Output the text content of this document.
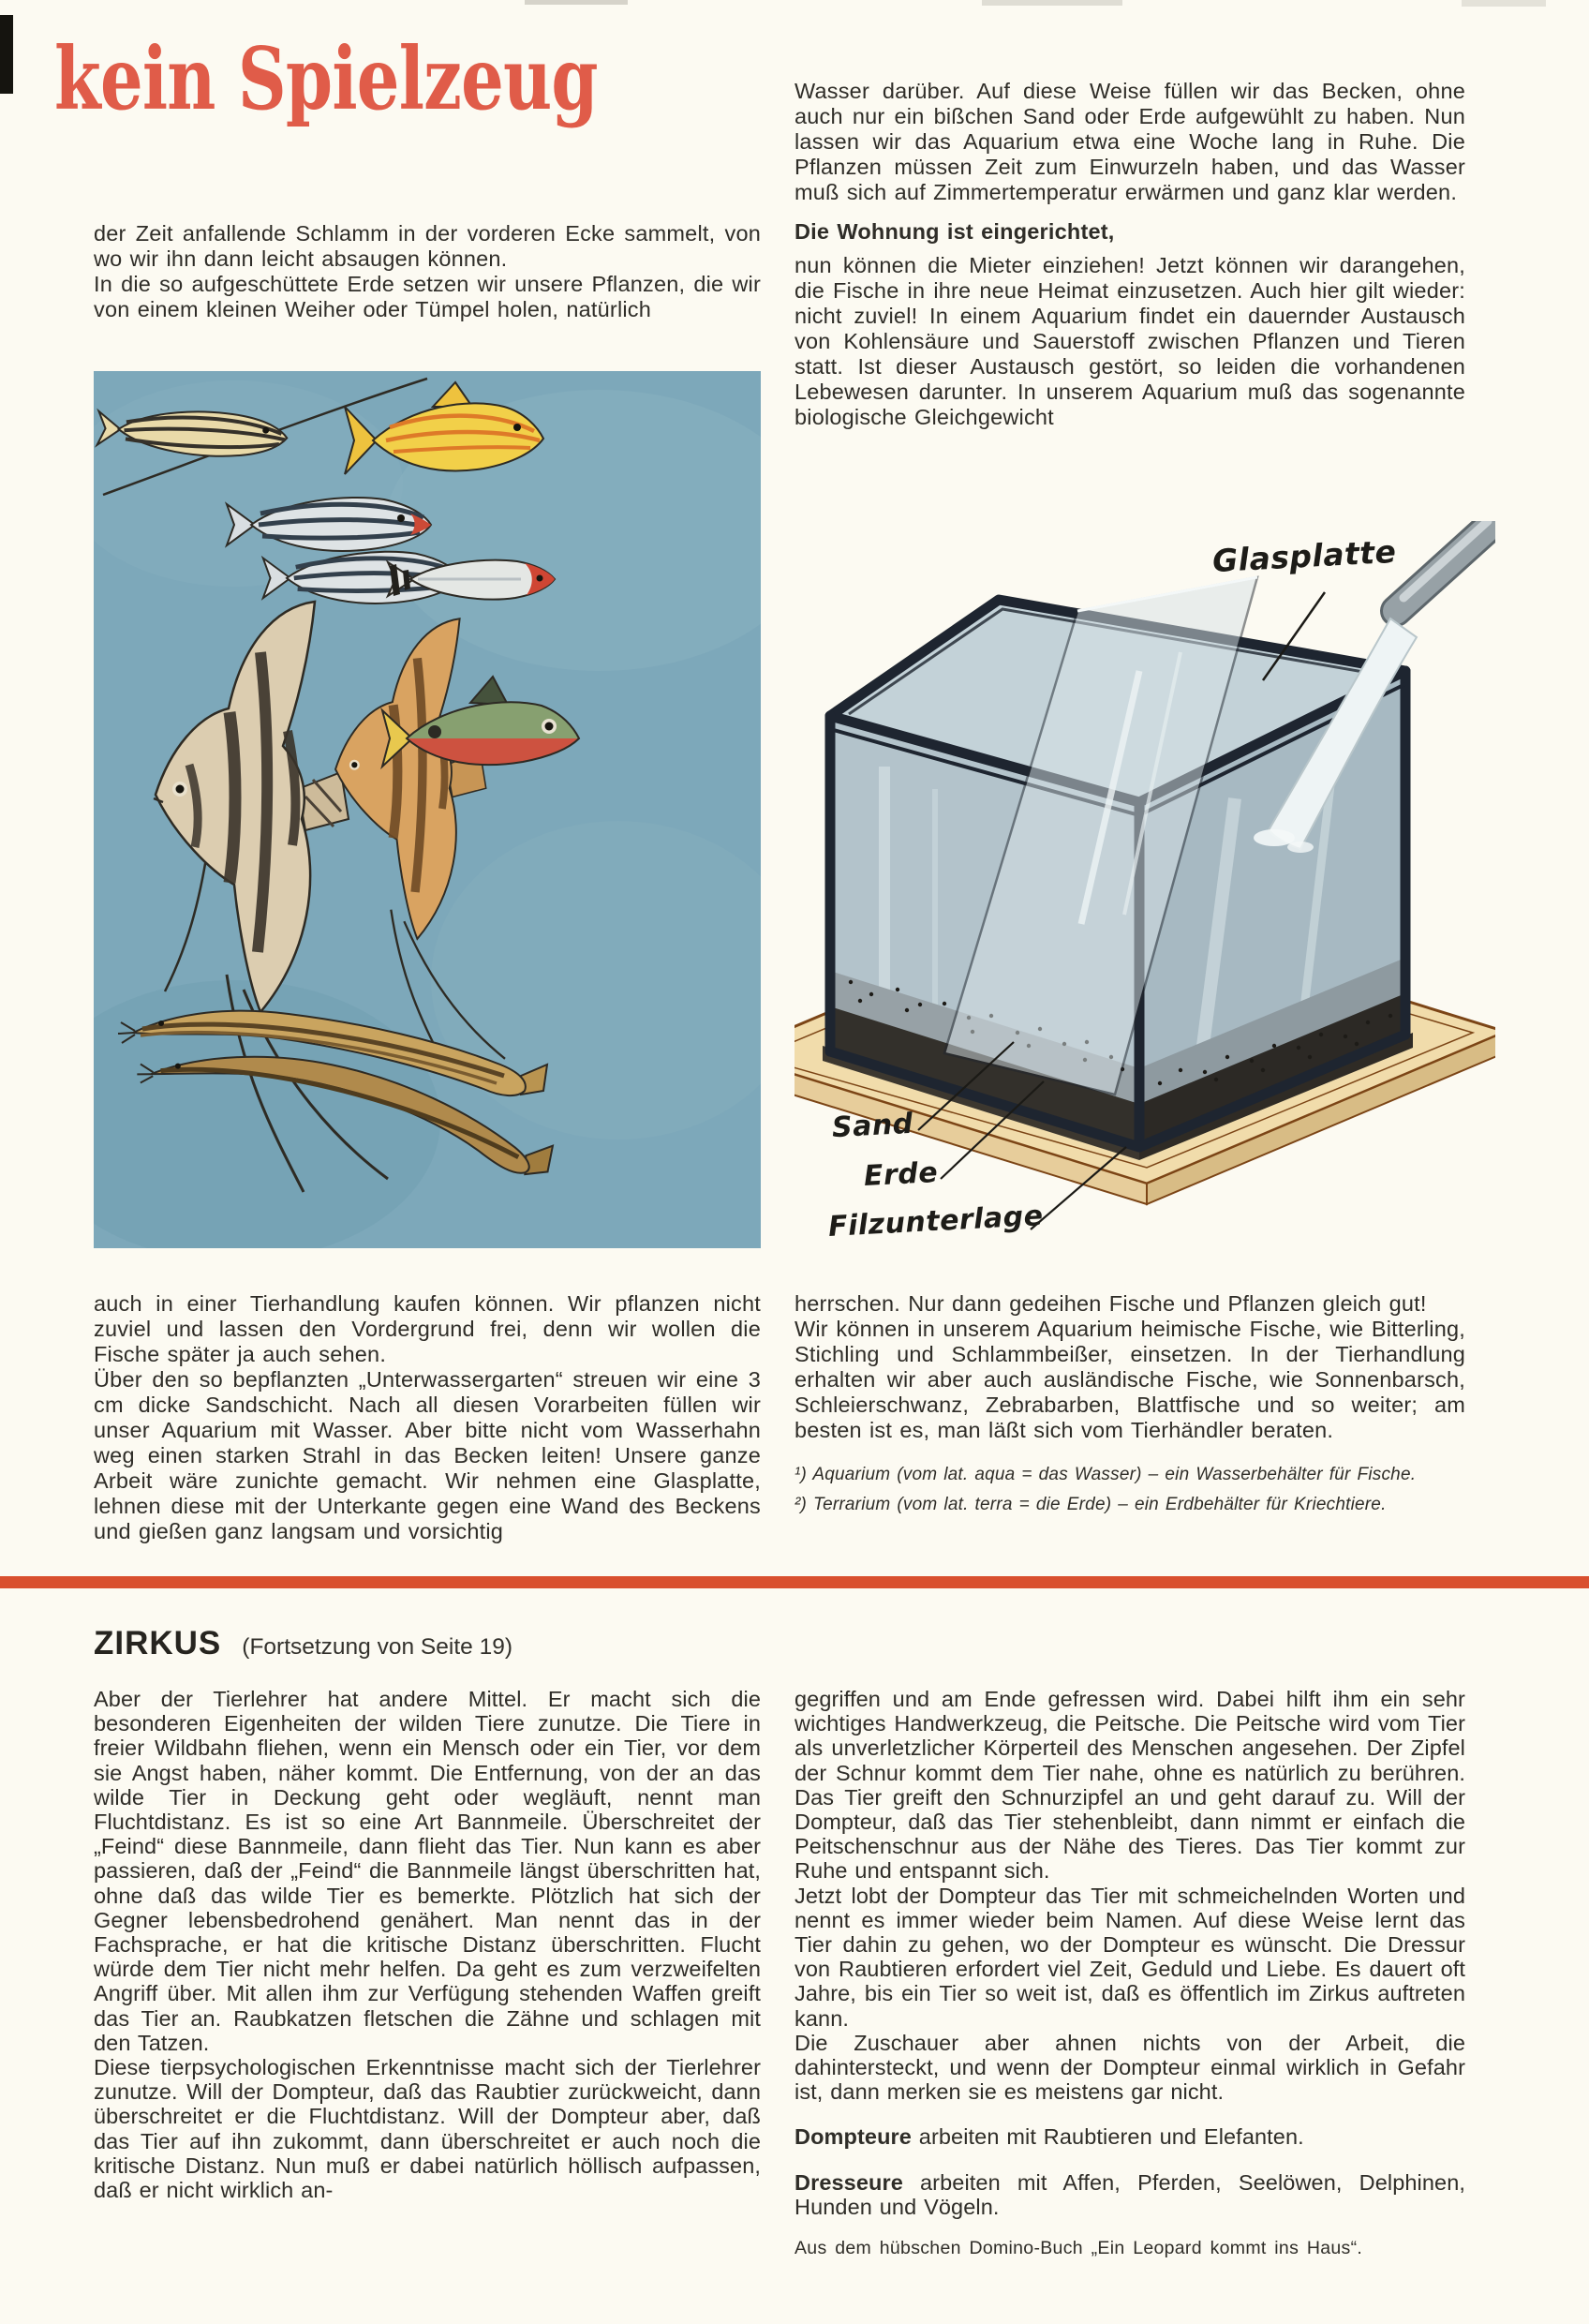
kein Spielzeug

der Zeit anfallende Schlamm in der vorderen Ecke sammelt, von wo wir ihn dann leicht absaugen können.

In die so aufgeschüttete Erde setzen wir unsere Pflanzen, die wir von einem kleinen Weiher oder Tümpel holen, natürlich

auch in einer Tierhandlung kaufen können. Wir pflanzen nicht zuviel und lassen den Vordergrund frei, denn wir wollen die Fische später ja auch sehen.

Über den so bepflanzten „Unterwassergarten“ streuen wir eine 3 cm dicke Sandschicht. Nach all diesen Vorarbeiten füllen wir unser Aquarium mit Wasser. Aber bitte nicht vom Wasserhahn weg einen starken Strahl in das Becken leiten! Unsere ganze Arbeit wäre zunichte gemacht. Wir nehmen eine Glasplatte, lehnen diese mit der Unterkante gegen eine Wand des Beckens und gießen ganz langsam und vorsichtig

Wasser darüber. Auf diese Weise füllen wir das Becken, ohne auch nur ein bißchen Sand oder Erde aufgewühlt zu haben. Nun lassen wir das Aquarium etwa eine Woche lang in Ruhe. Die Pflanzen müssen Zeit zum Einwurzeln haben, und das Wasser muß sich auf Zimmertemperatur erwärmen und ganz klar werden.

Die Wohnung ist eingerichtet,

nun können die Mieter einziehen! Jetzt können wir darangehen, die Fische in ihre neue Heimat einzusetzen. Auch hier gilt wieder: nicht zuviel! In einem Aquarium findet ein dauernder Austausch von Kohlensäure und Sauerstoff zwischen Pflanzen und Tieren statt. Ist dieser Austausch gestört, so leiden die vorhandenen Lebewesen darunter. In unserem Aquarium muß das sogenannte biologische Gleichgewicht

Glasplatte
Sand
Erde
Filzunterlage

herrschen. Nur dann gedeihen Fische und Pflanzen gleich gut!

Wir können in unserem Aquarium heimische Fische, wie Bitterling, Stichling und Schlammbeißer, einsetzen. In der Tierhandlung erhalten wir aber auch ausländische Fische, wie Sonnenbarsch, Schleierschwanz, Zebrabarben, Blattfische und so weiter; am besten ist es, man läßt sich vom Tierhändler beraten.

¹) Aquarium (vom lat. aqua = das Wasser) – ein Wasserbehälter für Fische.

²) Terrarium (vom lat. terra = die Erde) – ein Erdbehälter für Kriechtiere.

ZIRKUS (Fortsetzung von Seite 19)

Aber der Tierlehrer hat andere Mittel. Er macht sich die besonderen Eigenheiten der wilden Tiere zunutze. Die Tiere in freier Wildbahn fliehen, wenn ein Mensch oder ein Tier, vor dem sie Angst haben, näher kommt. Die Entfernung, von der an das wilde Tier in Deckung geht oder wegläuft, nennt man Fluchtdistanz. Es ist so eine Art Bannmeile. Überschreitet der „Feind“ diese Bannmeile, dann flieht das Tier. Nun kann es aber passieren, daß der „Feind“ die Bannmeile längst überschritten hat, ohne daß das wilde Tier es bemerkte. Plötzlich hat sich der Gegner lebensbedrohend genähert. Man nennt das in der Fachsprache, er hat die kritische Distanz überschritten. Flucht würde dem Tier nicht mehr helfen. Da geht es zum verzweifelten Angriff über. Mit allen ihm zur Verfügung stehenden Waffen greift das Tier an. Raubkatzen fletschen die Zähne und schlagen mit den Tatzen.

Diese tierpsychologischen Erkenntnisse macht sich der Tierlehrer zunutze. Will der Dompteur, daß das Raubtier zurückweicht, dann überschreitet er die Fluchtdistanz. Will der Dompteur aber, daß das Tier auf ihn zukommt, dann überschreitet er auch noch die kritische Distanz. Nun muß er dabei natürlich höllisch aufpassen, daß er nicht wirklich an-

gegriffen und am Ende gefressen wird. Dabei hilft ihm ein sehr wichtiges Handwerkzeug, die Peitsche. Die Peitsche wird vom Tier als unverletzlicher Körperteil des Menschen angesehen. Der Zipfel der Schnur kommt dem Tier nahe, ohne es natürlich zu berühren. Das Tier greift den Schnurzipfel an und geht darauf zu. Will der Dompteur, daß das Tier stehenbleibt, dann nimmt er einfach die Peitschenschnur aus der Nähe des Tieres. Das Tier kommt zur Ruhe und entspannt sich.

Jetzt lobt der Dompteur das Tier mit schmeichelnden Worten und nennt es immer wieder beim Namen. Auf diese Weise lernt das Tier dahin zu gehen, wo der Dompteur es wünscht. Die Dressur von Raubtieren erfordert viel Zeit, Geduld und Liebe. Es dauert oft Jahre, bis ein Tier so weit ist, daß es öffentlich im Zirkus auftreten kann.

Die Zuschauer aber ahnen nichts von der Arbeit, die dahintersteckt, und wenn der Dompteur einmal wirklich in Gefahr ist, dann merken sie es meistens gar nicht.

Dompteure arbeiten mit Raubtieren und Elefanten.

Dresseure arbeiten mit Affen, Pferden, Seelöwen, Delphinen, Hunden und Vögeln.

Aus dem hübschen Domino-Buch „Ein Leopard kommt ins Haus“.
